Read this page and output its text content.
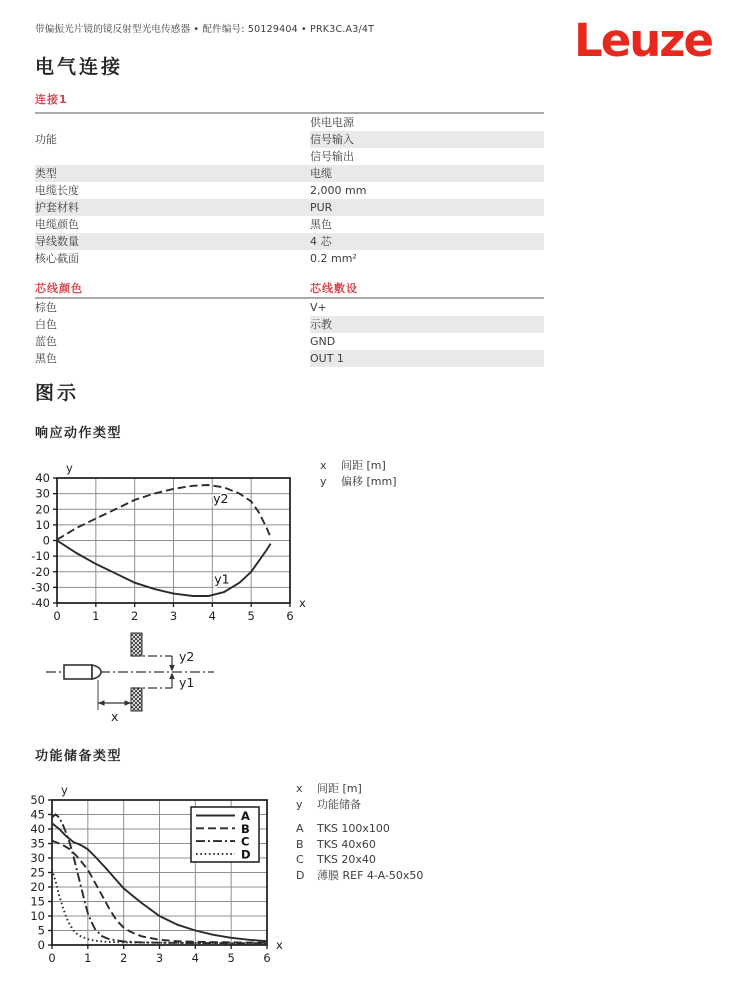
带偏振光片镜的镜反射型光电传感器 • 配件编号: 50129404 • PRK3C.A3/4T	Leuze
电气连接
连接1
功能	供电电源
	信号输入
	信号输出
类型	电缆
电缆长度	2,000 mm
护套材料	PUR
电缆颜色	黑色
导线数量	4 芯
核心截面	0.2 mm²
芯线颜色	芯线敷设
棕色	V+
白色	示教
蓝色	GND
黑色	OUT 1
图示
响应动作类型
0	1	2	3	4	5	6
-40
-30
-20
-10
0
10
20
30
40
y
x
y2
y1
x 间距 [m]
y 偏移 [mm]
y2
y1
x
功能储备类型
0 1 2 3 4 5 6
0
5
10
15
20
25
30
35
40
45
50
y
x
A
B
C
D
x 间距 [m]
y 功能储备
A TKS 100x100
B TKS 40x60
C TKS 20x40
D 薄膜 REF 4-A-50x50
